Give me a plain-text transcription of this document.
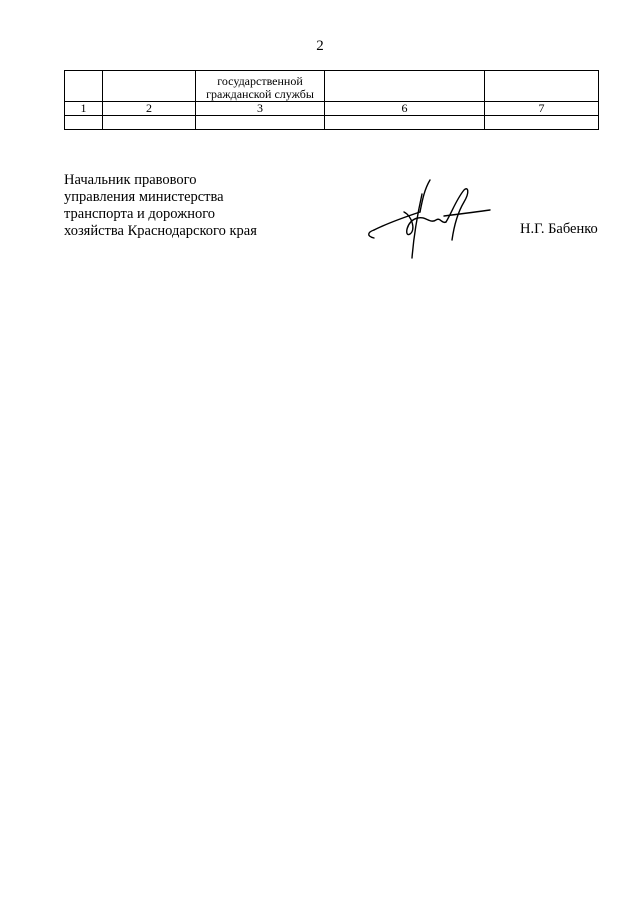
2
		государственной гражданской службы		
1	2	3	6	7

Начальник правового
управления министерства
транспорта и дорожного
хозяйства Краснодарского края	Н.Г. Бабенко
